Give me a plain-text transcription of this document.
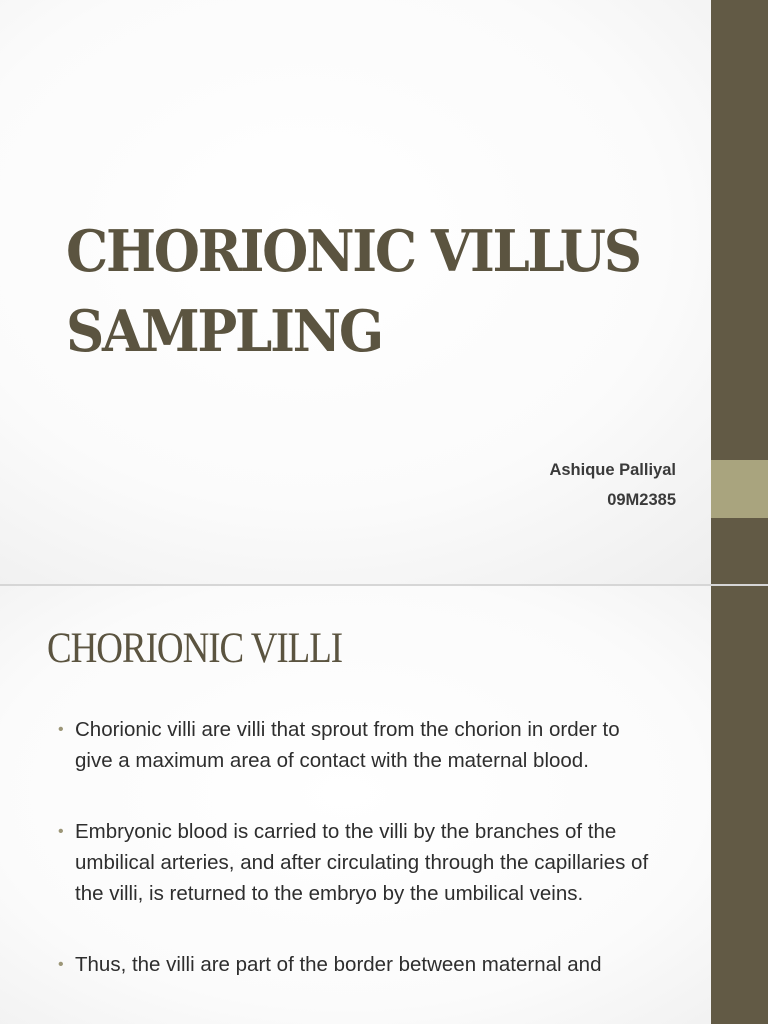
CHORIONIC VILLUS
SAMPLING

Ashique Palliyal

09M2385

CHORIONIC VILLI
• Chorionic villi are villi that sprout from the chorion in order to give a maximum area of contact with the maternal blood.
• Embryonic blood is carried to the villi by the branches of the umbilical arteries, and after circulating through the capillaries of the villi, is returned to the embryo by the umbilical veins.
• Thus, the villi are part of the border between maternal and
